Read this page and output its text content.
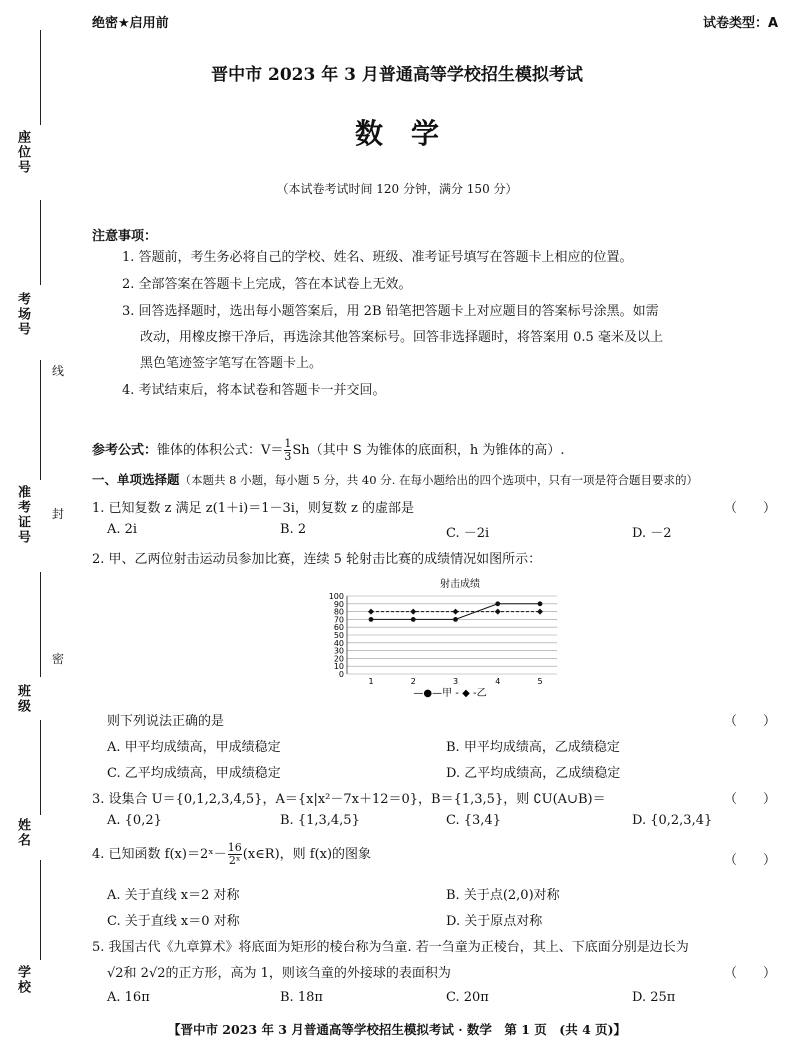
座位号
考场号
准考证号
班级
姓名
学校
线
封
密
绝密★启用前	试卷类型：A
晋中市 2023 年 3 月普通高等学校招生模拟考试
数　学
（本试卷考试时间 120 分钟，满分 150 分）
注意事项：
1. 答题前，考生务必将自己的学校、姓名、班级、准考证号填写在答题卡上相应的位置。
2. 全部答案在答题卡上完成，答在本试卷上无效。
3. 回答选择题时，选出每小题答案后，用 2B 铅笔把答题卡上对应题目的答案标号涂黑。如需
改动，用橡皮擦干净后，再选涂其他答案标号。回答非选择题时，将答案用 0.5 毫米及以上
黑色笔迹签字笔写在答题卡上。
4. 考试结束后，将本试卷和答题卡一并交回。
参考公式：锥体的体积公式：$V= \frac{1}{3} Sh$（其中 S 为锥体的底面积，h 为锥体的高）.
一、单项选择题（本题共 8 小题，每小题 5 分，共 40 分. 在每小题给出的四个选项中，只有一项是符合题目要求的）
1. 已知复数 z 满足 z(1＋i)＝1－3i，则复数 z 的虚部是	（　　）
A. 2i	B. 2	C. －2i	D. －2
2. 甲、乙两位射击运动员参加比赛，连续 5 轮射击比赛的成绩情况如图所示：
射击成绩
0
10
20
30
40
50
60
70
80
90
100
1	2	3	4	5
—●—甲 - ◆ -乙
则下列说法正确的是	（　　）
A. 甲平均成绩高，甲成绩稳定	B. 甲平均成绩高，乙成绩稳定
C. 乙平均成绩高，甲成绩稳定	D. 乙平均成绩高，乙成绩稳定
3. 设集合 U＝{0,1,2,3,4,5}，A＝{x|x²－7x＋12＝0}，B＝{1,3,5}，则 ∁U(A∪B)＝	（　　）
A. {0,2}	B. {1,3,4,5}	C. {3,4}	D. {0,2,3,4}
4. 已知函数 f(x)＝2ˣ－ $\frac{16}{\text{2ˣ}}$ (x∈R)，则 f(x)的图象	（　　）
A. 关于直线 x＝2 对称	B. 关于点(2,0)对称
C. 关于直线 x＝0 对称	D. 关于原点对称
5. 我国古代《九章算术》将底面为矩形的棱台称为刍童. 若一刍童为正棱台，其上、下底面分别是边长为
√2和 2√2的正方形，高为 1，则该刍童的外接球的表面积为	（　　）
A. 16π	B. 18π	C. 20π	D. 25π
【晋中市 2023 年 3 月普通高等学校招生模拟考试 · 数学　第 1 页　(共 4 页)】
